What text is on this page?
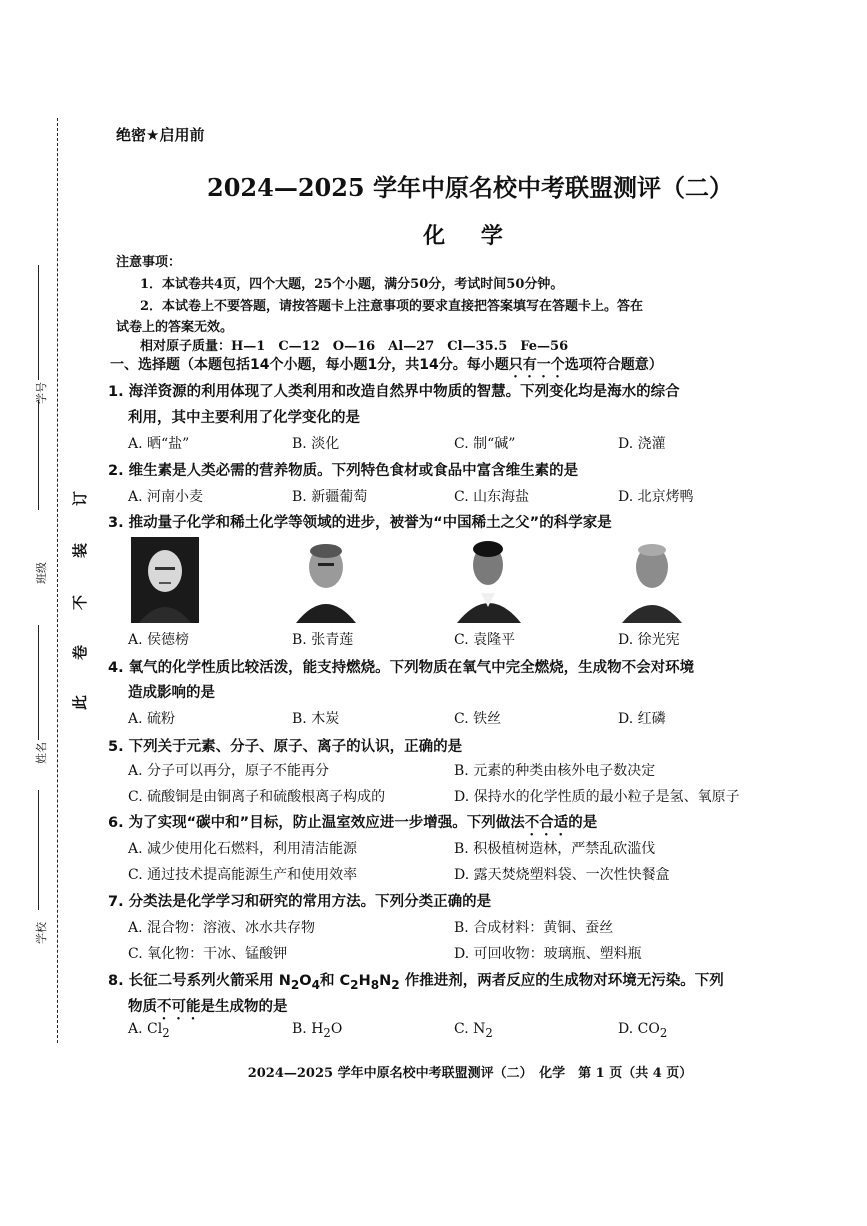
学号
班级
姓名
学校
此
卷
不
装
订
绝密★启用前
2024—2025 学年中原名校中考联盟测评（二）
化 学
注意事项：
1．本试卷共4页，四个大题，25个小题，满分50分，考试时间50分钟。
2．本试卷上不要答题，请按答题卡上注意事项的要求直接把答案填写在答题卡上。答在
试卷上的答案无效。
相对原子质量：H—1　C—12　O—16　Al—27　Cl—35.5　Fe—56
一、选择题（本题包括14个小题，每小题1分，共14分。每小题只有一个选项符合题意）
1. 海洋资源的利用体现了人类利用和改造自然界中物质的智慧。下列变化均是海水的综合
利用，其中主要利用了化学变化的是
A. 晒“盐”	B. 淡化	C. 制“碱”	D. 浇灌
2. 维生素是人类必需的营养物质。下列特色食材或食品中富含维生素的是
A. 河南小麦	B. 新疆葡萄	C. 山东海盐	D. 北京烤鸭
3. 推动量子化学和稀土化学等领域的进步，被誉为“中国稀土之父”的科学家是
A. 侯德榜	B. 张青莲	C. 袁隆平	D. 徐光宪
4. 氧气的化学性质比较活泼，能支持燃烧。下列物质在氧气中完全燃烧，生成物不会对环境
造成影响的是
A. 硫粉	B. 木炭	C. 铁丝	D. 红磷
5. 下列关于元素、分子、原子、离子的认识，正确的是
A. 分子可以再分，原子不能再分	B. 元素的种类由核外电子数决定
C. 硫酸铜是由铜离子和硫酸根离子构成的	D. 保持水的化学性质的最小粒子是氢、氧原子
6. 为了实现“碳中和”目标，防止温室效应进一步增强。下列做法不合适的是
A. 减少使用化石燃料，利用清洁能源	B. 积极植树造林，严禁乱砍滥伐
C. 通过技术提高能源生产和使用效率	D. 露天焚烧塑料袋、一次性快餐盒
7. 分类法是化学学习和研究的常用方法。下列分类正确的是
A. 混合物：溶液、冰水共存物	B. 合成材料：黄铜、蚕丝
C. 氧化物：干冰、锰酸钾	D. 可回收物：玻璃瓶、塑料瓶
8. 长征二号系列火箭采用 $N_2O_4$和 $C_2H_8N_2$ 作推进剂，两者反应的生成物对环境无污染。下列
物质不可能是生成物的是
A. $Cl_2$	B. $H_2O$	C. $N_2$	D. $CO_2$
2024—2025 学年中原名校中考联盟测评（二）　化学　第 1 页（共 4 页）
